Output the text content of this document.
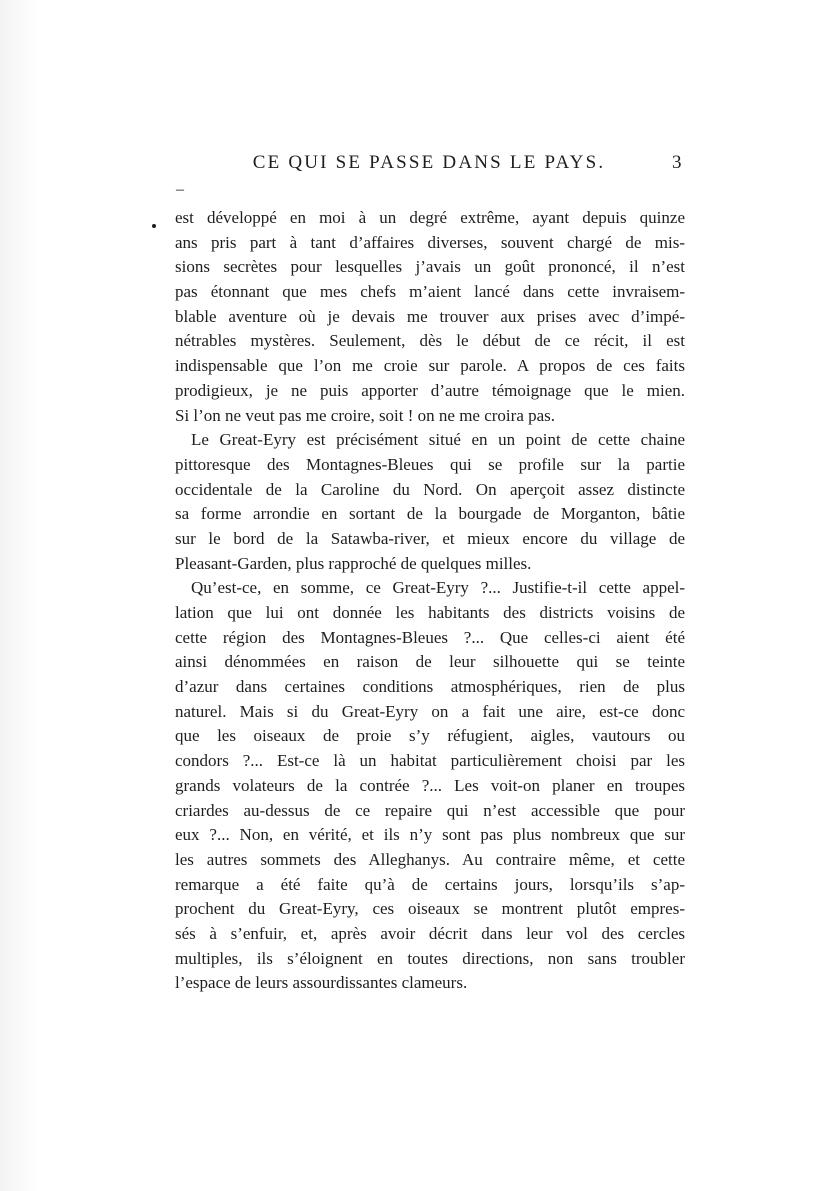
CE QUI SE PASSE DANS LE PAYS.	3
–
est développé en moi à un degré extrême, ayant depuis quinze
ans pris part à tant d’affaires diverses, souvent chargé de mis-
sions secrètes pour lesquelles j’avais un goût prononcé, il n’est
pas étonnant que mes chefs m’aient lancé dans cette invraisem-
blable aventure où je devais me trouver aux prises avec d’impé-
nétrables mystères. Seulement, dès le début de ce récit, il est
indispensable que l’on me croie sur parole. A propos de ces faits
prodigieux, je ne puis apporter d’autre témoignage que le mien.
Si l’on ne veut pas me croire, soit ! on ne me croira pas.
Le Great-Eyry est précisément situé en un point de cette chaine
pittoresque des Montagnes-Bleues qui se profile sur la partie
occidentale de la Caroline du Nord. On aperçoit assez distincte
sa forme arrondie en sortant de la bourgade de Morganton, bâtie
sur le bord de la Satawba-river, et mieux encore du village de
Pleasant-Garden, plus rapproché de quelques milles.
Qu’est-ce, en somme, ce Great-Eyry ?... Justifie-t-il cette appel-
lation que lui ont donnée les habitants des districts voisins de
cette région des Montagnes-Bleues ?... Que celles-ci aient été
ainsi dénommées en raison de leur silhouette qui se teinte
d’azur dans certaines conditions atmosphériques, rien de plus
naturel. Mais si du Great-Eyry on a fait une aire, est-ce donc
que les oiseaux de proie s’y réfugient, aigles, vautours ou
condors ?... Est-ce là un habitat particulièrement choisi par les
grands volateurs de la contrée ?... Les voit-on planer en troupes
criardes au-dessus de ce repaire qui n’est accessible que pour
eux ?... Non, en vérité, et ils n’y sont pas plus nombreux que sur
les autres sommets des Alleghanys. Au contraire même, et cette
remarque a été faite qu’à de certains jours, lorsqu’ils s’ap-
prochent du Great-Eyry, ces oiseaux se montrent plutôt empres-
sés à s’enfuir, et, après avoir décrit dans leur vol des cercles
multiples, ils s’éloignent en toutes directions, non sans troubler
l’espace de leurs assourdissantes clameurs.
